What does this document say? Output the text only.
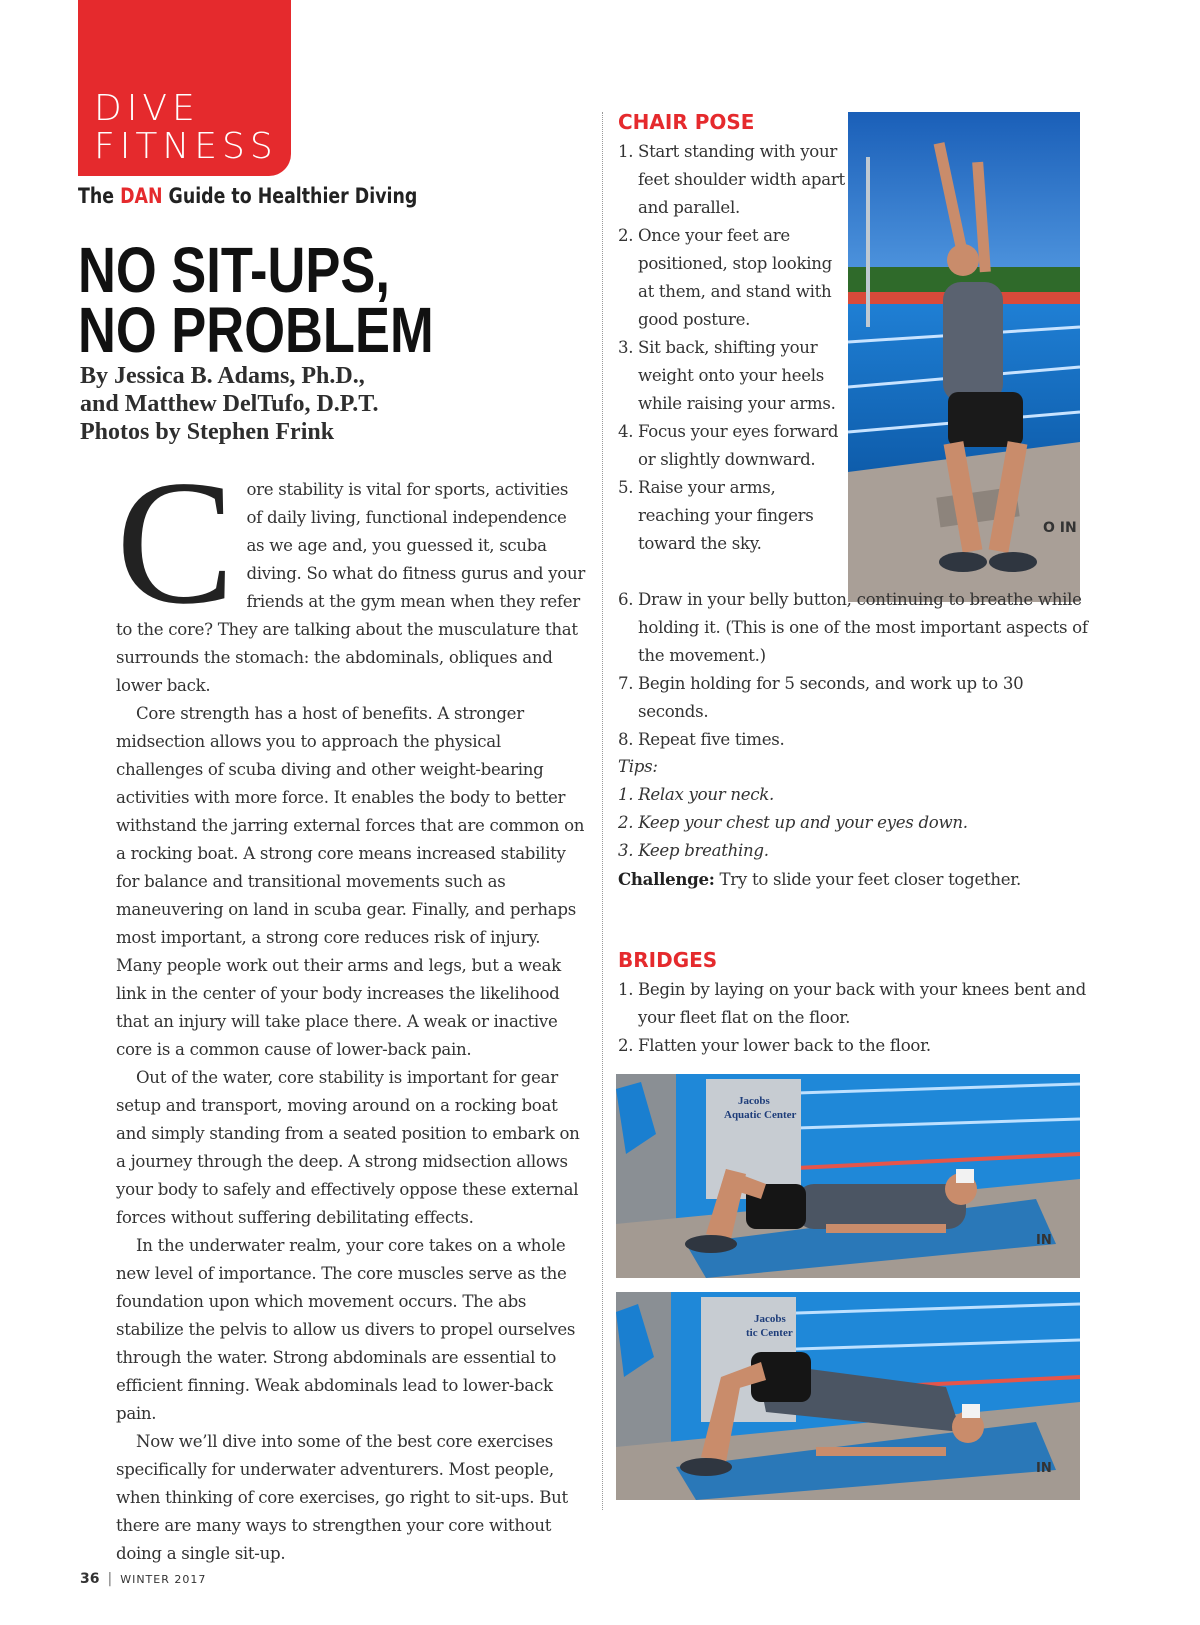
DIVE
FITNESS
The DAN Guide to Healthier Diving
NO SIT-UPS,
NO PROBLEM
By Jessica B. Adams, Ph.D.,
and Matthew DelTufo, D.P.T.
Photos by Stephen Frink
C ore stability is vital for sports, activities of daily living, functional independence as we age and, you guessed it, scuba diving. So what do fitness gurus and your friends at the gym mean when they refer to the core? They are talking about the musculature that surrounds the stomach: the abdominals, obliques and lower back.

Core strength has a host of benefits. A stronger midsection allows you to approach the physical challenges of scuba diving and other weight-bearing activities with more force. It enables the body to better withstand the jarring external forces that are common on a rocking boat. A strong core means increased stability for balance and transitional movements such as maneuvering on land in scuba gear. Finally, and perhaps most important, a strong core reduces risk of injury. Many people work out their arms and legs, but a weak link in the center of your body increases the likelihood that an injury will take place there. A weak or inactive core is a common cause of lower-back pain.

Out of the water, core stability is important for gear setup and transport, moving around on a rocking boat and simply standing from a seated position to embark on a journey through the deep. A strong midsection allows your body to safely and effectively oppose these external forces without suffering debilitating effects.

In the underwater realm, your core takes on a whole new level of importance. The core muscles serve as the foundation upon which movement occurs. The abs stabilize the pelvis to allow us divers to propel ourselves through the water. Strong abdominals are essential to efficient finning. Weak abdominals lead to lower-back pain.

Now we’ll dive into some of the best core exercises specifically for underwater adventurers. Most people, when thinking of core exercises, go right to sit-ups. But there are many ways to strengthen your core without doing a single sit-up.

CHAIR POSE
O IN
1. Start standing with your feet shoulder width apart and parallel.
2. Once your feet are positioned, stop looking at them, and stand with good posture.
3. Sit back, shifting your weight onto your heels while raising your arms.
4. Focus your eyes forward or slightly downward.
5. Raise your arms, reaching your fingers toward the sky.
6. Draw in your belly button, continuing to breathe while holding it. (This is one of the most important aspects of the movement.)
7. Begin holding for 5 seconds, and work up to 30 seconds.
8. Repeat five times.
Tips:
1. Relax your neck.
2. Keep your chest up and your eyes down.
3. Keep breathing.
Challenge: Try to slide your feet closer together.
BRIDGES
1. Begin by laying on your back with your knees bent and your fleet flat on the floor.
2. Flatten your lower back to the floor.
Jacobs
Aquatic Center
IN
Jacobs
tic Center
IN
36 | WINTER 2017
